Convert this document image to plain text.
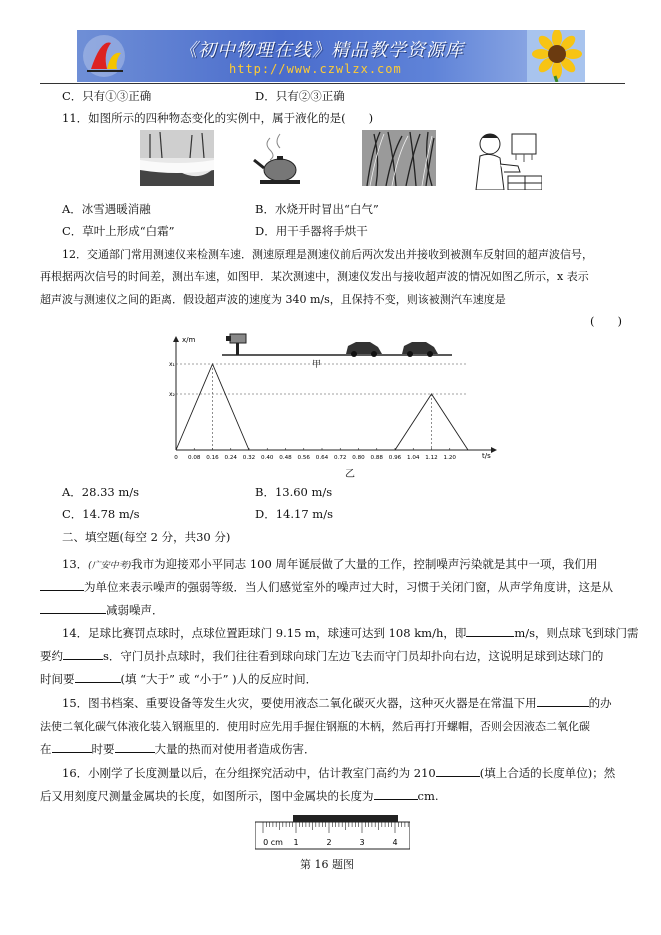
《初中物理在线》精品教学资源库
http://www.czwlzx.com
C．只有①③正确	D．只有②③正确
11．如图所示的四种物态变化的实例中，属于液化的是(　　)
A．冰雪遇暖消融	B．水烧开时冒出“白气”
C．草叶上形成“白霜”	D．用干手器将手烘干
12．交通部门常用测速仪来检测车速．测速原理是测速仪前后两次发出并接收到被测车反射回的超声波信号，
再根据两次信号的时间差，测出车速，如图甲．某次测速中，测速仪发出与接收超声波的情况如图乙所示，x 表示
超声波与测速仪之间的距离．假设超声波的速度为 340 m/s，且保持不变，则该被测汽车速度是
(　　)
甲
x/m
t/s
x₁
x₂
0 0.08 0.16 0.24 0.32 0.40 0.48 0.56 0.64 0.72 0.80 0.88 0.96 1.04 1.12 1.20
乙
A．28.33 m/s	B．13.60 m/s
C．14.78 m/s	D．14.17 m/s
二、填空题(每空 2 分，共30 分)
13．(广安中考)我市为迎接邓小平同志 100 周年诞辰做了大量的工作，控制噪声污染就是其中一项，我们用
为单位来表示噪声的强弱等级．当人们感觉室外的噪声过大时，习惯于关闭门窗，从声学角度讲，这是从
减弱噪声．
14．足球比赛罚点球时，点球位置距球门 9.15 m，球速可达到 108 km/h，即	m/s，则点球飞到球门需
要约	s．守门员扑点球时，我们往往看到球向球门左边飞去而守门员却扑向右边，这说明足球到达球门的
时间要	(填 “大于” 或 “小于” )人的反应时间．
15．图书档案、重要设备等发生火灾，要使用液态二氧化碳灭火器，这种灭火器是在常温下用	的办
法使二氧化碳气体液化装入钢瓶里的．使用时应先用手握住钢瓶的木柄，然后再打开螺帽，否则会因液态二氧化碳
在	时要	大量的热而对使用者造成伤害．
16．小刚学了长度测量以后，在分组探究活动中，估计教室门高约为 210	(填上合适的长度单位)；然
后又用刻度尺测量金属块的长度，如图所示，图中金属块的长度为	cm.
0 cm 1	2	3	4
第 16 题图
